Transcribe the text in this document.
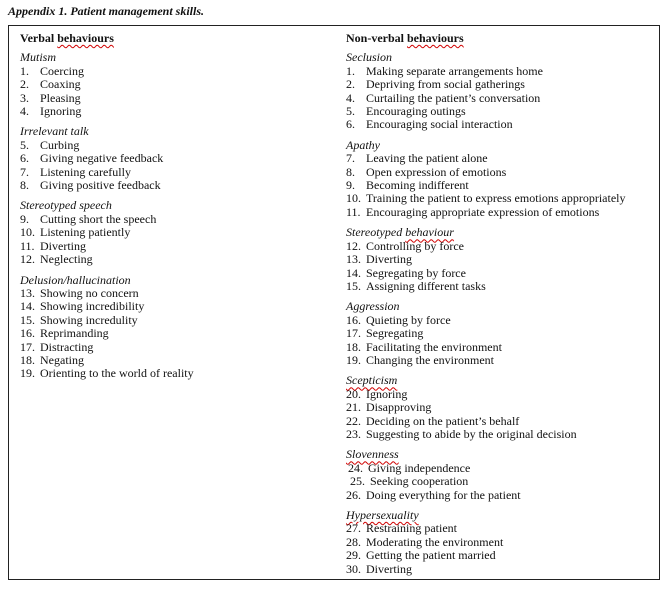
Appendix 1. Patient management skills.
Verbal behaviours
Mutism
1. Coercing
2. Coaxing
3. Pleasing
4. Ignoring
Irrelevant talk
5. Curbing
6. Giving negative feedback
7. Listening carefully
8. Giving positive feedback
Stereotyped speech
9. Cutting short the speech
10. Listening patiently
11. Diverting
12. Neglecting
Delusion/hallucination
13. Showing no concern
14. Showing incredibility
15. Showing incredulity
16. Reprimanding
17. Distracting
18. Negating
19. Orienting to the world of reality
Non-verbal behaviours
Seclusion
1. Making separate arrangements home
2. Depriving from social gatherings
4. Curtailing the patient’s conversation
5. Encouraging outings
6. Encouraging social interaction
Apathy
7. Leaving the patient alone
8. Open expression of emotions
9. Becoming indifferent
10. Training the patient to express emotions appropriately
11. Encouraging appropriate expression of emotions
Stereotyped behaviour
12. Controlling by force
13. Diverting
14. Segregating by force
15. Assigning different tasks
Aggression
16. Quieting by force
17. Segregating
18. Facilitating the environment
19. Changing the environment
Scepticism
20. Ignoring
21. Disapproving
22. Deciding on the patient’s behalf
23. Suggesting to abide by the original decision
Slovenness
24. Giving independence
25. Seeking cooperation
26. Doing everything for the patient
Hypersexuality
27. Restraining patient
28. Moderating the environment
29. Getting the patient married
30. Diverting
